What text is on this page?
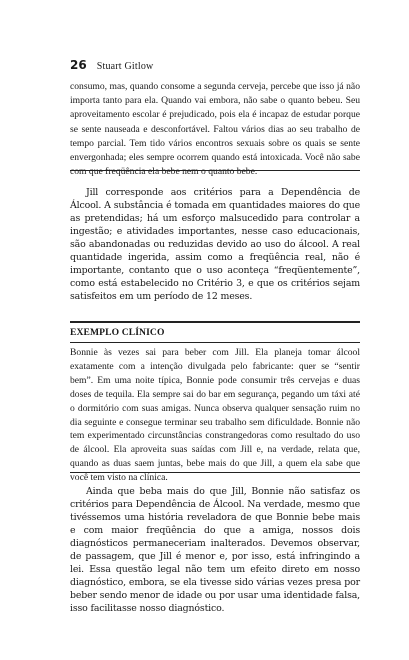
26 Stuart Gitlow

consumo, mas, quando consome a segunda cerveja, percebe que isso já não importa tanto para ela. Quando vai embora, não sabe o quanto bebeu. Seu aproveitamento escolar é prejudicado, pois ela é incapaz de estudar porque se sente nauseada e desconfortável. Faltou vários dias ao seu trabalho de tempo parcial. Tem tido vários encontros sexuais sobre os quais se sente envergonhada; eles sempre ocorrem quando está intoxicada. Você não sabe com que freqüência ela bebe nem o quanto bebe.

Jill corresponde aos critérios para a Dependência de Álcool. A substância é tomada em quantidades maiores do que as pretendidas; há um esforço malsucedido para controlar a ingestão; e atividades importantes, nesse caso educacionais, são abandonadas ou reduzidas devido ao uso do álcool. A real quantidade ingerida, assim como a freqüência real, não é importante, contanto que o uso aconteça “freqüentemente”, como está estabelecido no Critério 3, e que os critérios sejam satisfeitos em um período de 12 meses.

EXEMPLO CLÍNICO

Bonnie às vezes sai para beber com Jill. Ela planeja tomar álcool exatamente com a intenção divulgada pelo fabricante: quer se “sentir bem”. Em uma noite típica, Bonnie pode consumir três cervejas e duas doses de tequila. Ela sempre sai do bar em segurança, pegando um táxi até o dormitório com suas amigas. Nunca observa qualquer sensação ruim no dia seguinte e consegue terminar seu trabalho sem dificuldade. Bonnie não tem experimentado circunstâncias constrangedoras como resultado do uso de álcool. Ela aproveita suas saídas com Jill e, na verdade, relata que, quando as duas saem juntas, bebe mais do que Jill, a quem ela sabe que você tem visto na clínica.

Ainda que beba mais do que Jill, Bonnie não satisfaz os critérios para Dependência de Álcool. Na verdade, mesmo que tivéssemos uma história reveladora de que Bonnie bebe mais e com maior freqüência do que a amiga, nossos dois diagnósticos permaneceriam inalterados. Devemos observar, de passagem, que Jill é menor e, por isso, está infringindo a lei. Essa questão legal não tem um efeito direto em nosso diagnóstico, embora, se ela tivesse sido várias vezes presa por beber sendo menor de idade ou por usar uma identidade falsa, isso facilitasse nosso diagnóstico.
